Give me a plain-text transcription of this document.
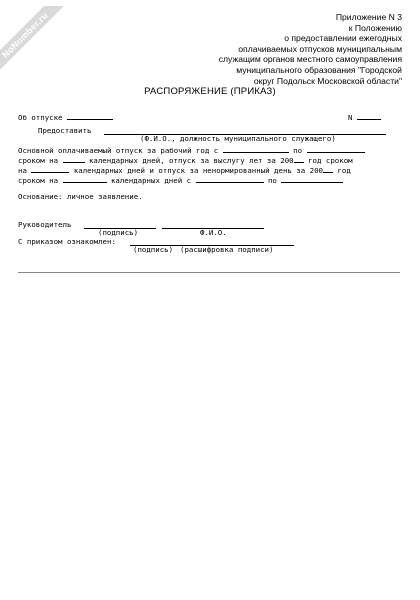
NoNumber.ru	Приложение N 3
к Положению
о предоставлении ежегодных
оплачиваемых отпусков муниципальным
служащим органов местного самоуправления
муниципального образования "Городской
округ Подольск Московской области"
РАСПОРЯЖЕНИЕ (ПРИКАЗ)
Об отпуске	N
Предоставить
(Ф.И.О., должность муниципального служащего)
Основной оплачиваемый отпуск за рабочий год с	по
сроком на	календарных дней, отпуск за выслугу лет за 200 год сроком
на	календарных дней и отпуск за ненормированный день за 200 год
сроком на	календарных дней с	по
Основание: личное заявление.
Руководитель
(подпись)	Ф.И.О.
С приказом ознакомлен:
(подпись) (расшифровка подписи)
